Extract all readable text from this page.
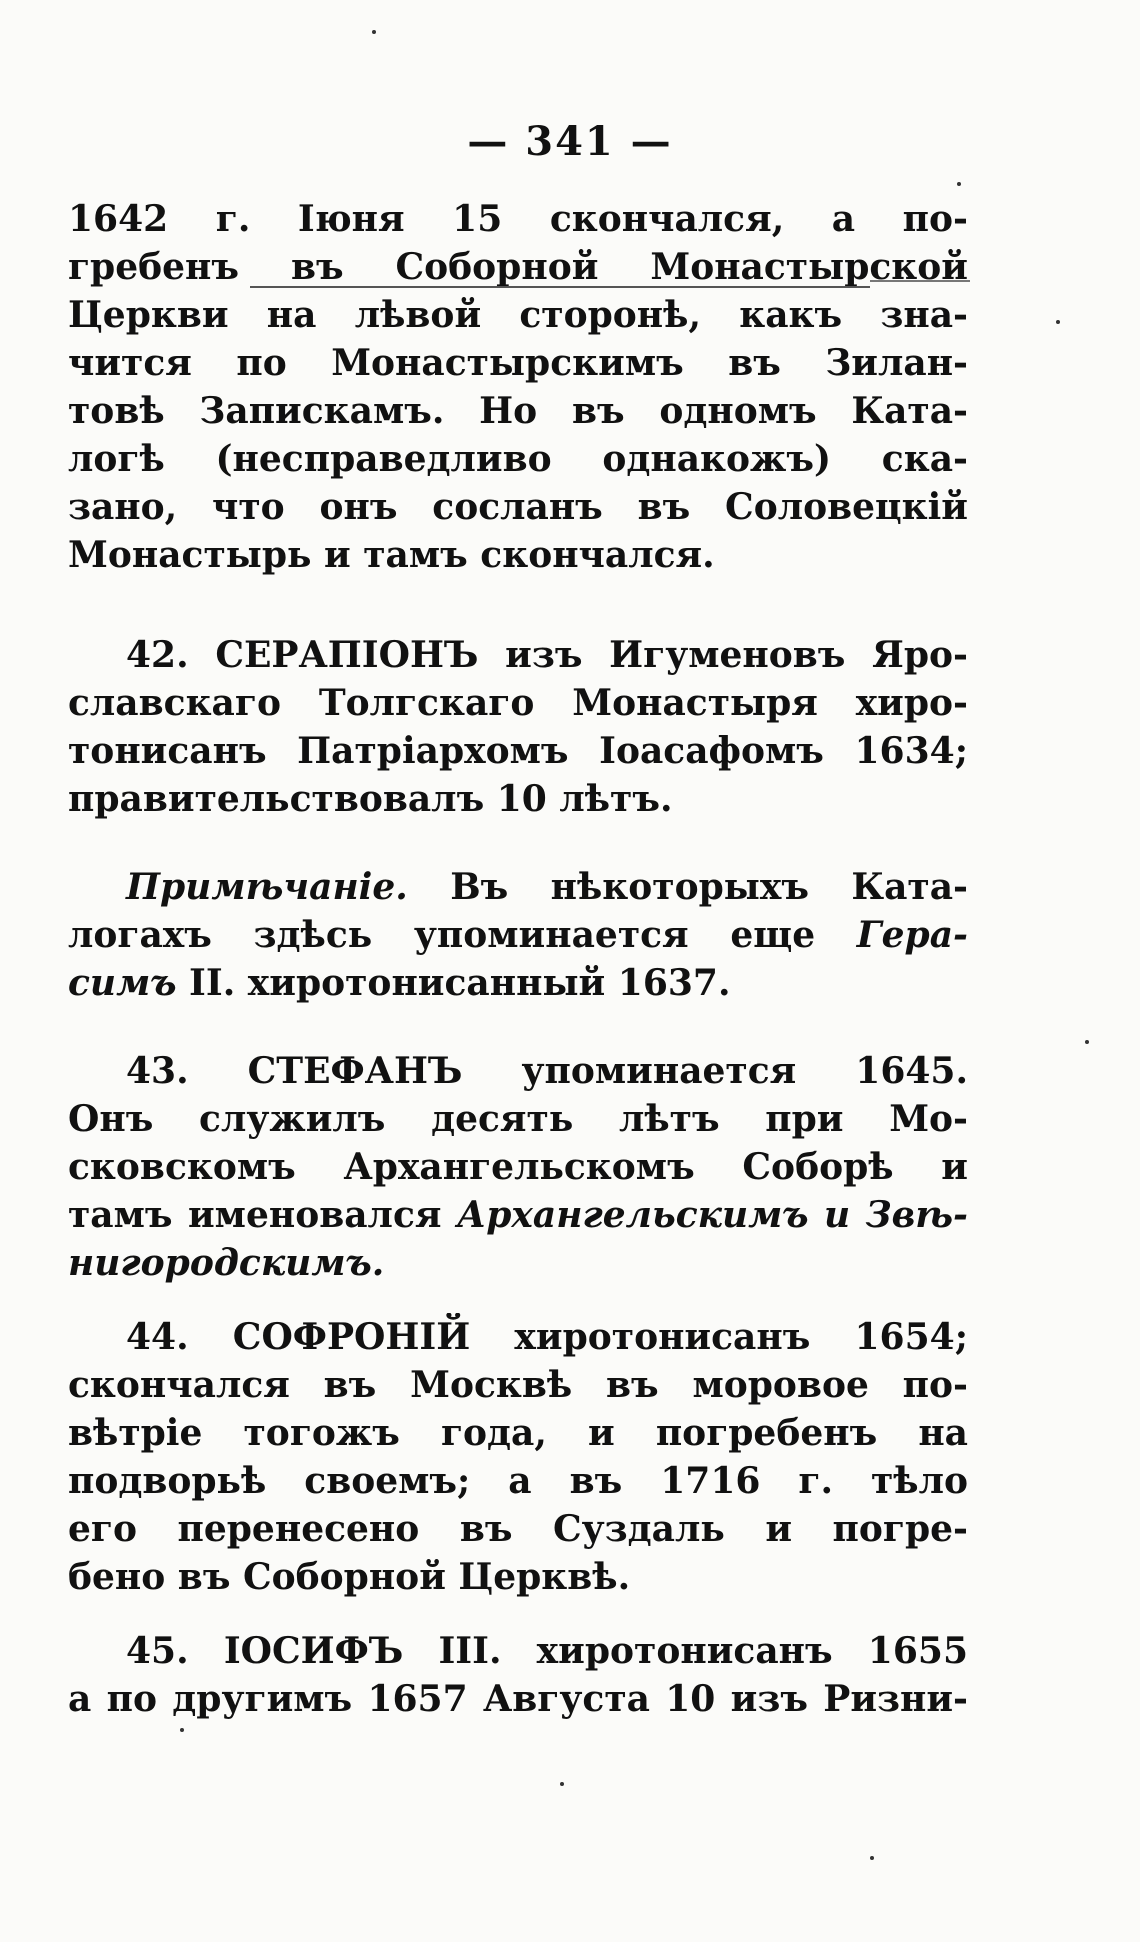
— 341 —
1642 г. Іюня 15 скончался, а по-
гребенъ въ Соборной Монастырской
Церкви на лѣвой сторонѣ, какъ зна-
чится по Монастырскимъ въ Зилан-
товѣ Запискамъ. Но въ одномъ Ката-
логѣ (несправедливо однакожъ) ска-
зано, что онъ сосланъ въ Соловецкій
Монастырь и тамъ скончался.
42. СЕРАПІОНЪ изъ Игуменовъ Яро-
славскаго Толгскаго Монастыря хиро-
тонисанъ Патріархомъ Іоасафомъ 1634;
правительствовалъ 10 лѣтъ.
Примѣчаніе. Въ нѣкоторыхъ Ката-
логахъ здѣсь упоминается еще Гера-
симъ II. хиротонисанный 1637.
43. СТЕФАНЪ упоминается 1645.
Онъ служилъ десять лѣтъ при Мо-
сковскомъ Архангельскомъ Соборѣ и
тамъ именовался Архангельскимъ и Звѣ-
нигородскимъ.
44. СОФРОНІЙ хиротонисанъ 1654;
скончался въ Москвѣ въ моровое по-
вѣтріе тогожъ года, и погребенъ на
подворьѣ своемъ; а въ 1716 г. тѣло
его перенесено въ Суздаль и погре-
бено въ Соборной Церквѣ.
45. ІОСИФЪ III. хиротонисанъ 1655
а по другимъ 1657 Августа 10 изъ Ризни-
